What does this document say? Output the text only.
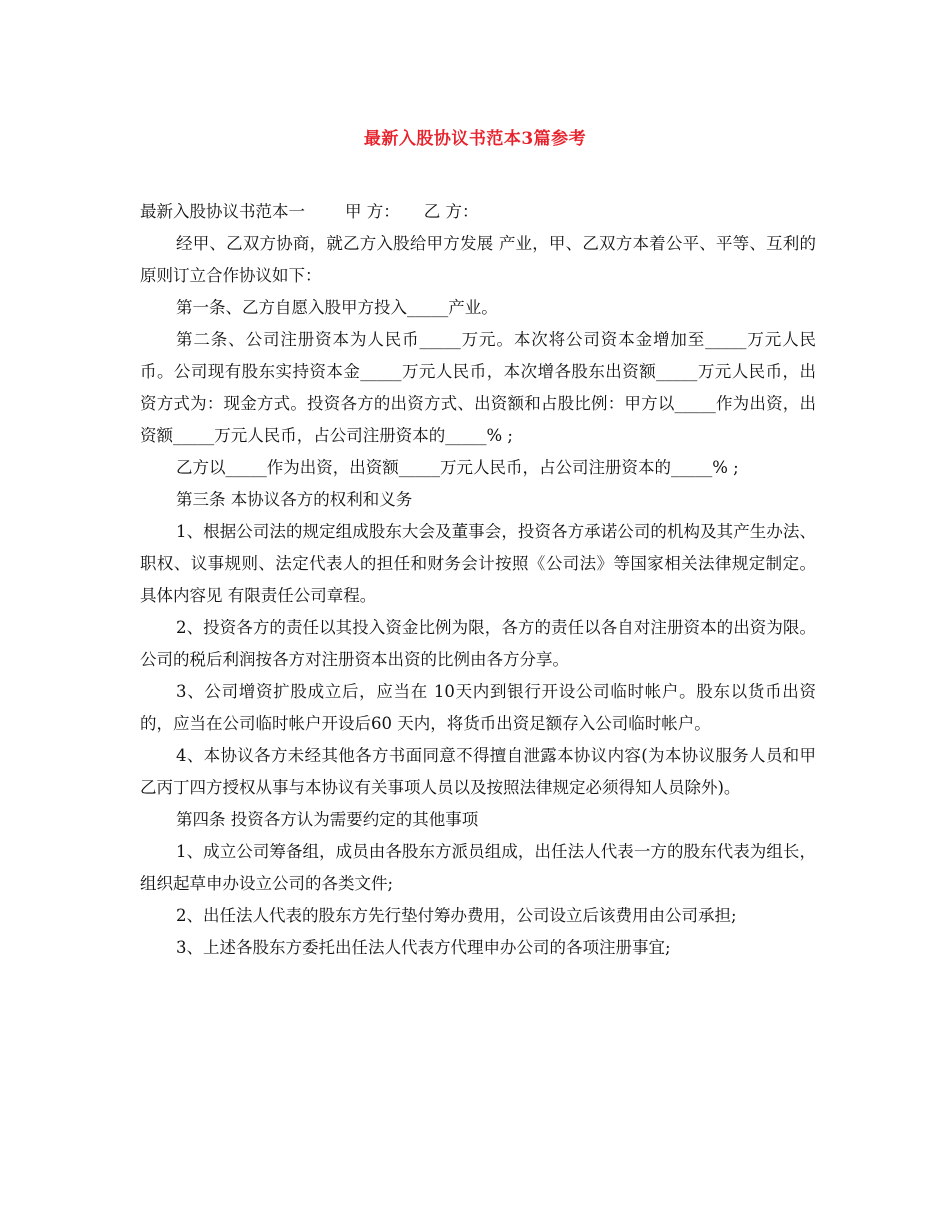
最新入股协议书范本3篇参考

最新入股协议书范本一 甲 方： 乙 方：

经甲、乙双方协商，就乙方入股给甲方发展 产业，甲、乙双方本着公平、平等、互利的原则订立合作协议如下：

第一条、乙方自愿入股甲方投入_____产业。

第二条、公司注册资本为人民币_____万元。本次将公司资本金增加至_____万元人民币。公司现有股东实持资本金_____万元人民币，本次增各股东出资额_____万元人民币，出资方式为：现金方式。投资各方的出资方式、出资额和占股比例：甲方以_____作为出资，出资额_____万元人民币，占公司注册资本的_____% ;

乙方以_____作为出资，出资额_____万元人民币，占公司注册资本的_____% ;

第三条 本协议各方的权利和义务

1、根据公司法的规定组成股东大会及董事会，投资各方承诺公司的机构及其产生办法、职权、议事规则、法定代表人的担任和财务会计按照《公司法》等国家相关法律规定制定。具体内容见 有限责任公司章程。

2、投资各方的责任以其投入资金比例为限，各方的责任以各自对注册资本的出资为限。公司的税后利润按各方对注册资本出资的比例由各方分享。

3、公司增资扩股成立后，应当在 10天内到银行开设公司临时帐户。股东以货币出资的，应当在公司临时帐户开设后60 天内，将货币出资足额存入公司临时帐户。

4、本协议各方未经其他各方书面同意不得擅自泄露本协议内容(为本协议服务人员和甲乙丙丁四方授权从事与本协议有关事项人员以及按照法律规定必须得知人员除外)。

第四条 投资各方认为需要约定的其他事项

1、成立公司筹备组，成员由各股东方派员组成，出任法人代表一方的股东代表为组长，组织起草申办设立公司的各类文件;

2、出任法人代表的股东方先行垫付筹办费用，公司设立后该费用由公司承担;

3、上述各股东方委托出任法人代表方代理申办公司的各项注册事宜;
